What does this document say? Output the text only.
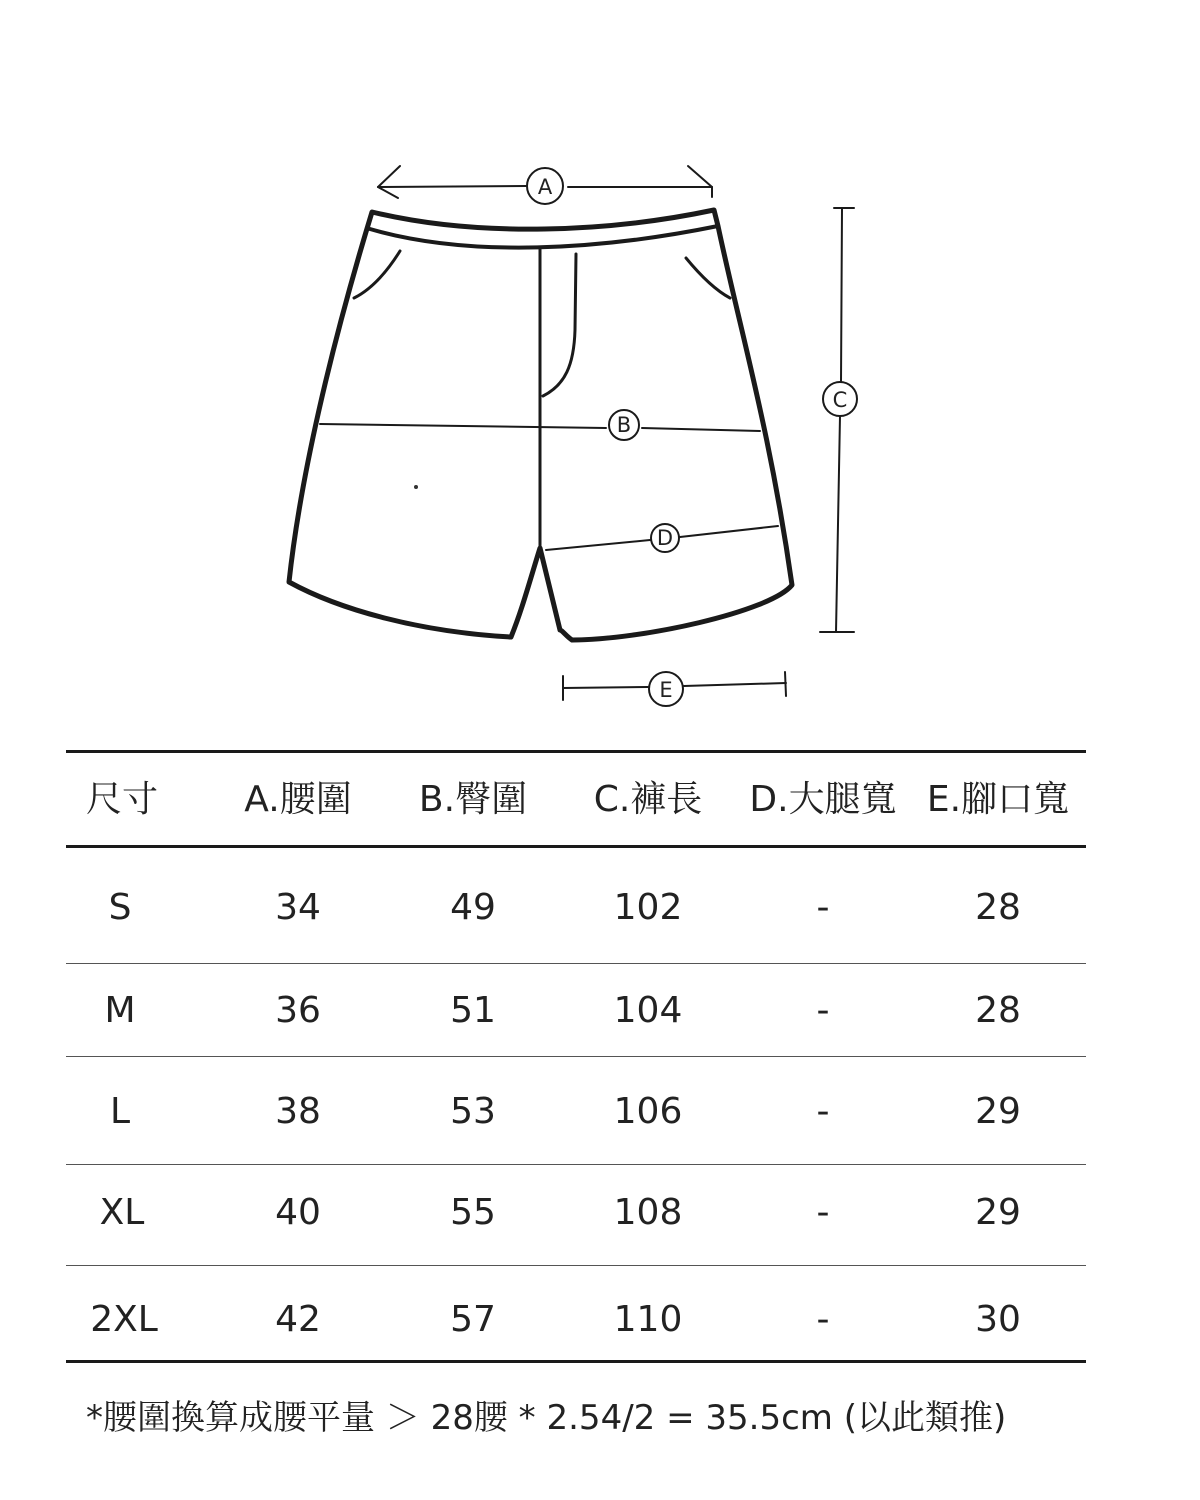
A
B
C
D
E
尺寸 A.腰圍 B.臀圍 C.褲長 D.大腿寬 E.腳口寬
S	34	49	102	-	28
M	36	51	104	-	28
L	38	53	106	-	29
XL	40	55	108	-	29
2XL	42	57	110	-	30
*腰圍換算成腰平量 ＞ 28腰 * 2.54/2 = 35.5cm (以此類推)
